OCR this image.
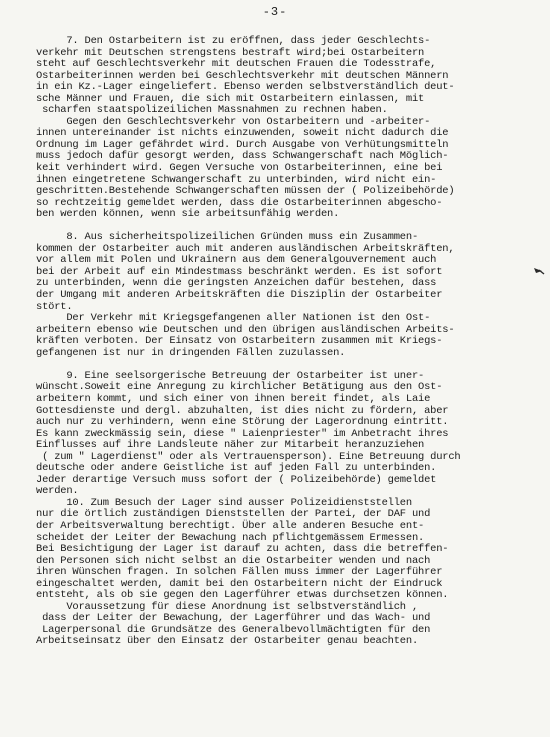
-3-
7. Den Ostarbeitern ist zu eröffnen, dass jeder Geschlechts-
verkehr mit Deutschen strengstens bestraft wird;bei Ostarbeitern
steht auf Geschlechtsverkehr mit deutschen Frauen die Todesstrafe,
Ostarbeiterinnen werden bei Geschlechtsverkehr mit deutschen Männern
in ein Kz.-Lager eingeliefert. Ebenso werden selbstverständlich deut-
sche Männer und Frauen, die sich mit Ostarbeitern einlassen, mit
scharfen staatspolizeilichen Massnahmen zu rechnen haben.
Gegen den Geschlechtsverkehr von Ostarbeitern und -arbeiter-
innen untereinander ist nichts einzuwenden, soweit nicht dadurch die
Ordnung im Lager gefährdet wird. Durch Ausgabe von Verhütungsmitteln
muss jedoch dafür gesorgt werden, dass Schwangerschaft nach Möglich-
keit verhindert wird. Gegen Versuche von Ostarbeiterinnen, eine bei
ihnen eingetretene Schwangerschaft zu unterbinden, wird nicht ein-
geschritten.Bestehende Schwangerschaften müssen der ( Polizeibehörde)
so rechtzeitig gemeldet werden, dass die Ostarbeiterinnen abgescho-
ben werden können, wenn sie arbeitsunfähig werden.
8. Aus sicherheitspolizeilichen Gründen muss ein Zusammen-
kommen der Ostarbeiter auch mit anderen ausländischen Arbeitskräften,
vor allem mit Polen und Ukrainern aus dem Generalgouvernement auch
bei der Arbeit auf ein Mindestmass beschränkt werden. Es ist sofort
zu unterbinden, wenn die geringsten Anzeichen dafür bestehen, dass
der Umgang mit anderen Arbeitskräften die Disziplin der Ostarbeiter
stört.
Der Verkehr mit Kriegsgefangenen aller Nationen ist den Ost-
arbeitern ebenso wie Deutschen und den übrigen ausländischen Arbeits-
kräften verboten. Der Einsatz von Ostarbeitern zusammen mit Kriegs-
gefangenen ist nur in dringenden Fällen zuzulassen.
9. Eine seelsorgerische Betreuung der Ostarbeiter ist uner-
wünscht.Soweit eine Anregung zu kirchlicher Betätigung aus den Ost-
arbeitern kommt, und sich einer von ihnen bereit findet, als Laie
Gottesdienste und dergl. abzuhalten, ist dies nicht zu fördern, aber
auch nur zu verhindern, wenn eine Störung der Lagerordnung eintritt.
Es kann zweckmässig sein, diese " Laienpriester" im Anbetracht ihres
Einflusses auf ihre Landsleute näher zur Mitarbeit heranzuziehen
( zum " Lagerdienst" oder als Vertrauensperson). Eine Betreuung durch
deutsche oder andere Geistliche ist auf jeden Fall zu unterbinden.
Jeder derartige Versuch muss sofort der ( Polizeibehörde) gemeldet
werden.
10. Zum Besuch der Lager sind ausser Polizeidienststellen
nur die örtlich zuständigen Dienststellen der Partei, der DAF und
der Arbeitsverwaltung berechtigt. Über alle anderen Besuche ent-
scheidet der Leiter der Bewachung nach pflichtgemässem Ermessen.
Bei Besichtigung der Lager ist darauf zu achten, dass die betreffen-
den Personen sich nicht selbst an die Ostarbeiter wenden und nach
ihren Wünschen fragen. In solchen Fällen muss immer der Lagerführer
eingeschaltet werden, damit bei den Ostarbeitern nicht der Eindruck
entsteht, als ob sie gegen den Lagerführer etwas durchsetzen können.
Voraussetzung für diese Anordnung ist selbstverständlich ,
dass der Leiter der Bewachung, der Lagerführer und das Wach- und
Lagerpersonal die Grundsätze des Generalbevollmächtigten für den
Arbeitseinsatz über den Einsatz der Ostarbeiter genau beachten.
